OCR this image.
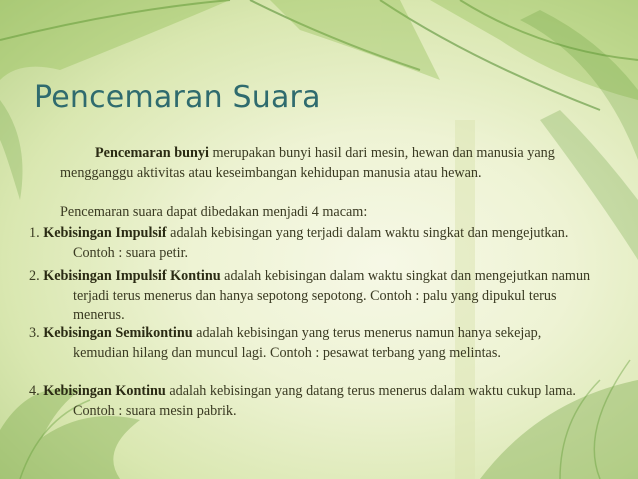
Pencemaran Suara
Pencemaran bunyi merupakan bunyi hasil dari mesin, hewan dan manusia yang mengganggu aktivitas atau keseimbangan kehidupan manusia atau hewan.
Pencemaran suara dapat dibedakan menjadi 4 macam:
1. Kebisingan Impulsif adalah kebisingan yang terjadi dalam waktu singkat dan mengejutkan. Contoh : suara petir.
2. Kebisingan Impulsif Kontinu adalah kebisingan dalam waktu singkat dan mengejutkan namun terjadi terus menerus dan hanya sepotong sepotong. Contoh : palu yang dipukul terus menerus.
3. Kebisingan Semikontinu adalah kebisingan yang terus menerus namun hanya sekejap, kemudian hilang dan muncul lagi. Contoh : pesawat terbang yang melintas.
4. Kebisingan Kontinu adalah kebisingan yang datang terus menerus dalam waktu cukup lama. Contoh : suara mesin pabrik.
